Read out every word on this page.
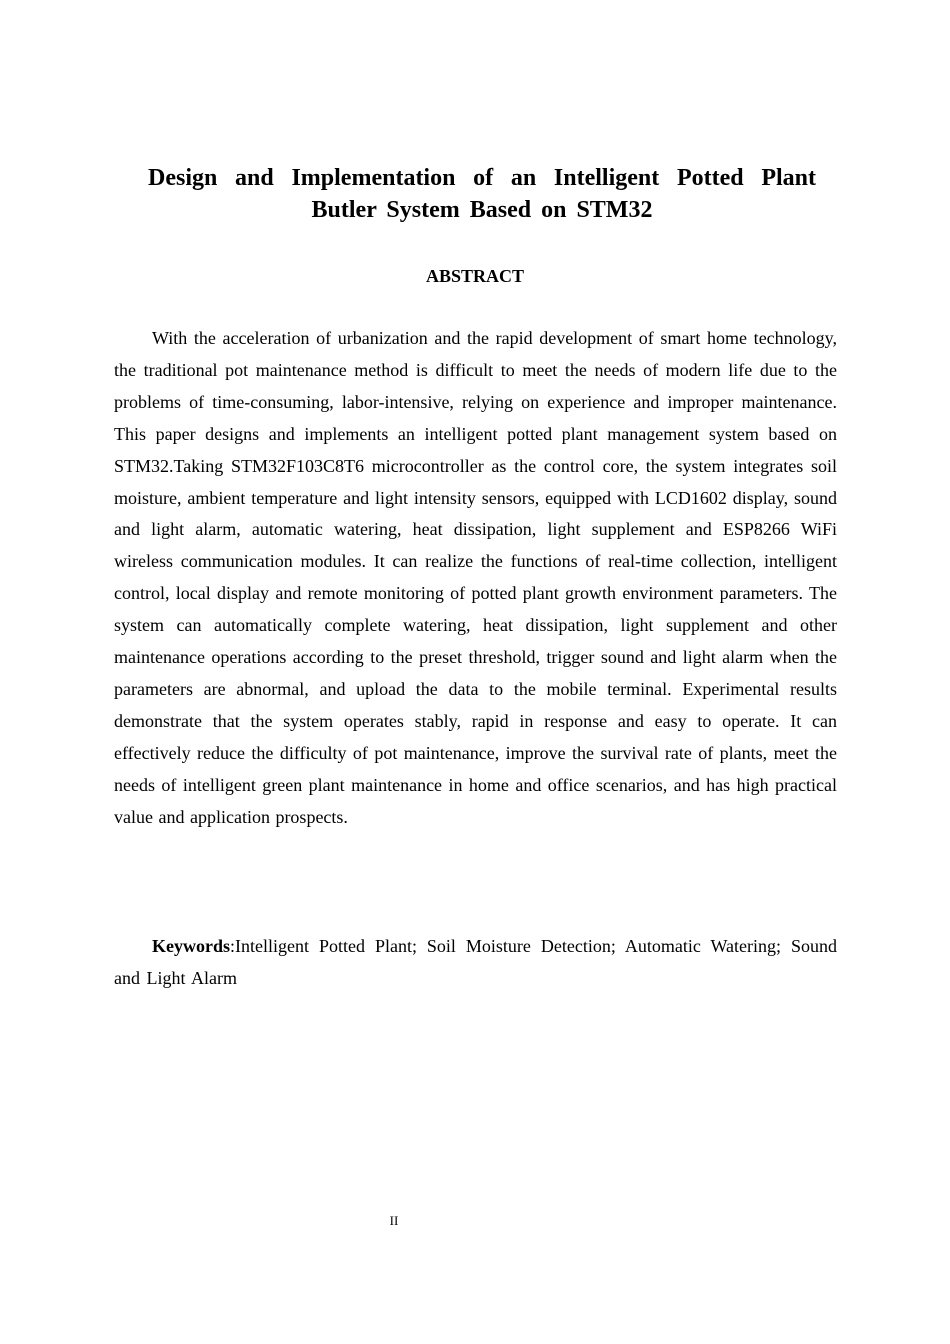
Design and Implementation of an Intelligent Potted Plant Butler System Based on STM32
ABSTRACT

With the acceleration of urbanization and the rapid development of smart home technology, the traditional pot maintenance method is difficult to meet the needs of modern life due to the problems of time-consuming, labor-intensive, relying on experience and improper maintenance. This paper designs and implements an intelligent potted plant management system based on STM32.Taking STM32F103C8T6 microcontroller as the control core, the system integrates soil moisture, ambient temperature and light intensity sensors, equipped with LCD1602 display, sound and light alarm, automatic watering, heat dissipation, light supplement and ESP8266 WiFi wireless communication modules. It can realize the functions of real-time collection, intelligent control, local display and remote monitoring of potted plant growth environment parameters. The system can automatically complete watering, heat dissipation, light supplement and other maintenance operations according to the preset threshold, trigger sound and light alarm when the parameters are abnormal, and upload the data to the mobile terminal. Experimental results demonstrate that the system operates stably, rapid in response and easy to operate. It can effectively reduce the difficulty of pot maintenance, improve the survival rate of plants, meet the needs of intelligent green plant maintenance in home and office scenarios, and has high practical value and application prospects.

Keywords:Intelligent Potted Plant; Soil Moisture Detection; Automatic Watering; Sound and Light Alarm

II
